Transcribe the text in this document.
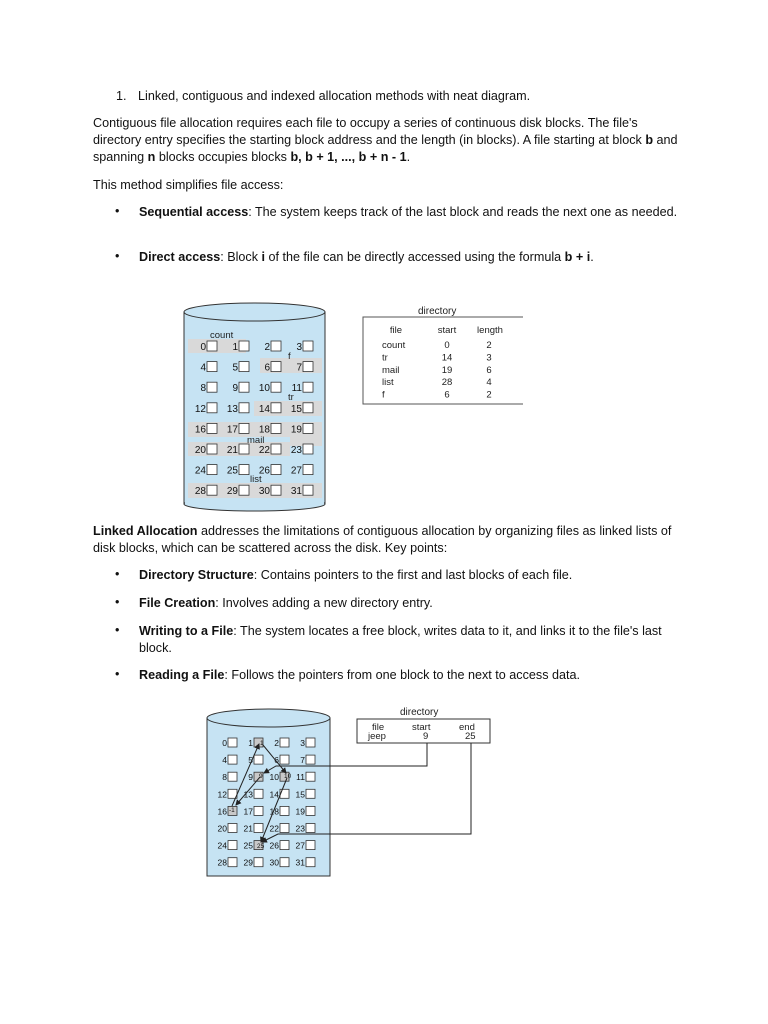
1. Linked, contiguous and indexed allocation methods with neat diagram.
Contiguous file allocation requires each file to occupy a series of continuous disk blocks. The file's directory entry specifies the starting block address and the length (in blocks). A file starting at block b and spanning n blocks occupies blocks b, b + 1, ..., b + n - 1.
This method simplifies file access:
• Sequential access: The system keeps track of the last block and reads the next one as needed.
• Direct access: Block i of the file can be directly accessed using the formula b + i.
0	1	2	3
4	5	6	7
8	9 10 11
12 13 14 15
16 17 18 19
20 21 22 23
24 25 26 27
28 29 30 31
count
f
tr
mail
list
directory
file	start length
count	0	2
tr	14	3
mail	19	6
list	28	4
f	6	2
Linked Allocation addresses the limitations of contiguous allocation by organizing files as linked lists of disk blocks, which can be scattered across the disk. Key points:
• Directory Structure: Contains pointers to the first and last blocks of each file.
• File Creation: Involves adding a new directory entry.
• Writing to a File: The system locates a free block, writes data to it, and links it to the file's last block.
• Reading a File: Follows the pointers from one block to the next to access data.
0	1	2	3
4	5	6	7
8	9 10 11
12 13 14 15
16 17 18 19
20 21 22 23
24 25 26 27
28 29 30 31
1
9	10
-1
25
directory
file	start	end
jeep	9	25
